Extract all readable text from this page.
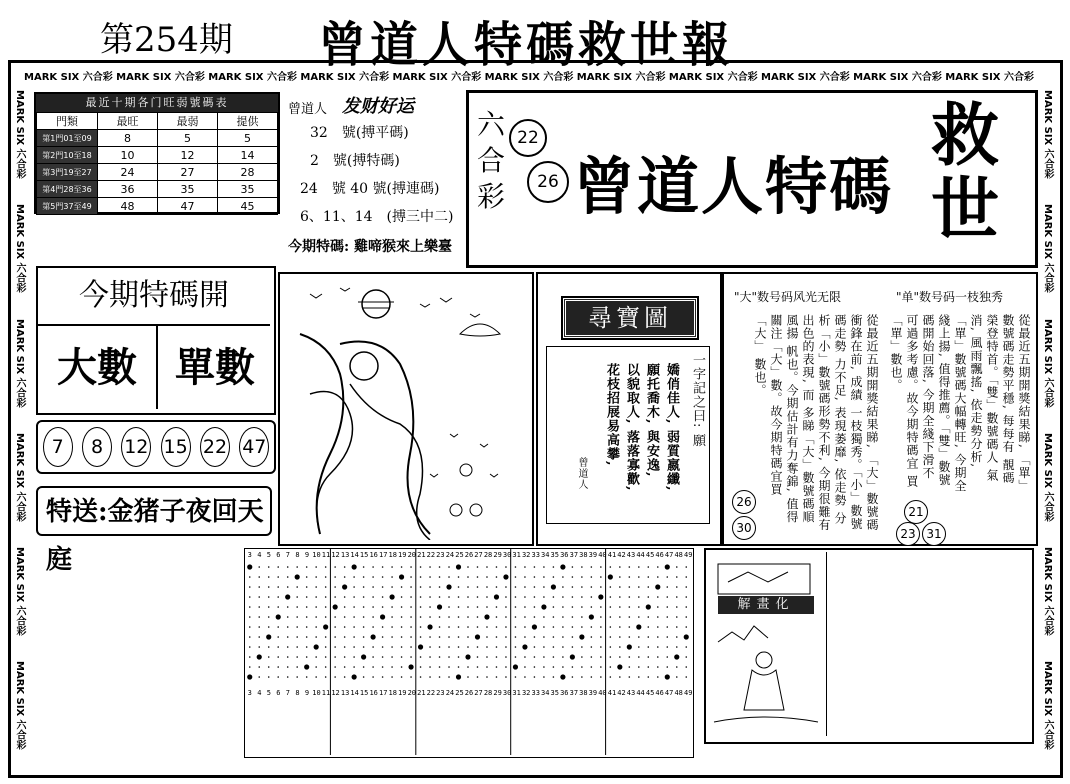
第254期 曾道人特碼救世報
MARK SIX 六合彩 MARK SIX 六合彩 MARK SIX 六合彩 MARK SIX 六合彩 MARK SIX 六合彩 MARK SIX 六合彩 MARK SIX 六合彩 MARK SIX 六合彩 MARK SIX 六合彩 MARK SIX 六合彩 MARK SIX 六合彩
MARK SIX 六合彩
MARK SIX 六合彩
MARK SIX 六合彩
MARK SIX 六合彩
MARK SIX 六合彩
MARK SIX 六合彩
MARK SIX 六合彩
MARK SIX 六合彩
MARK SIX 六合彩
MARK SIX 六合彩
MARK SIX 六合彩
MARK SIX 六合彩
最近十期各门旺弱號碼表
門類	最旺	最弱	提供
第1門01至09	8	5	5
第2門10至18	10	12	14
第3門19至27	24	27	28
第4門28至36	36	35	35
第5門37至49	48	47	45
曾道人 发财好运
32　號(搏平碼)
2　號(搏特碼)
24　號 40 號(搏連碼)
6、11、14　(搏三中二)
今期特碼: 雞啼猴來上樂臺
六
合
彩
22
26 曾道人特碼
救
世
今期特碼開
大數 單數
7	8	12 15 22 47
特送:金猪子夜回天庭
尋寶圖
一字記之曰: 願
嬌俏佳人, 弱質嬴纖,
願托喬木, 與安逸,
以貌取人, 落落寡歡,
花枝招展易高攀,
曾道人
"大"数号码风光无限	"单"数号码一枝独秀
從最近五期開獎結果睇, 「單」數號碼走勢平穩, 每每有 靚碼榮登特首。「雙」數號碼人 氣消, 風雨飄搖, 依走勢分析, 「單」數號碼大幅轉旺, 今期全 綫上揚, 值得推薦。「雙」數號 碼開始回落, 今期全綫下滑不 可過多考慮。故今期特碼宜 買「單」數也。
從最近五期開獎結果睇, 「大」數號碼衝鋒在前, 成績 一枝獨秀。「小」數號碼走勢 力不足, 表現萎靡, 依走勢 分析「小」數號碼形勢不利, 今期很難有出色的表現, 而 多睇「大」數號碼順風揚 帆也。今期估計有力奪錦, 值得 關注「大」數。故今期特碼宜買「大」 數也。
26
30
21
23 31
3 4 5 6 7 8 9 10 11 12 13 14 15 16 17 18 19 20 21 22 23 24 25 26 27 28 29 30 31 32 33 34 35 36 37 38 39 40 41 42 43 44 45 46 47 48 49
3 4 5 6 7 8 9 10 11 12 13 14 15 16 17 18 19 20 21 22 23 24 25 26 27 28 29 30 31 32 33 34 35 36 37 38 39 40 41 42 43 44 45 46 47 48 49
解畫化
